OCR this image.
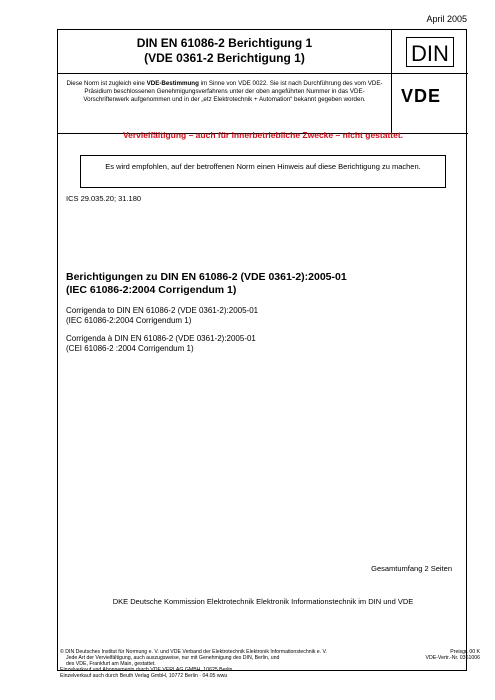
April 2005
DIN EN 61086-2 Berichtigung 1
(VDE 0361-2 Berichtigung 1)	DIN
Diese Norm ist zugleich eine VDE-Bestimmung im Sinne von VDE 0022. Sie ist nach Durchführung des vom VDE-Präsidium beschlossenen Genehmigungsverfahrens unter der oben angeführten Nummer in das VDE-Vorschriftenwerk aufgenommen und in der „etz Elektrotechnik + Automation“ bekannt gegeben worden.	VDE
Vervielfältigung – auch für innerbetriebliche Zwecke – nicht gestattet.
Es wird empfohlen, auf der betroffenen Norm einen Hinweis auf diese Berichtigung zu machen.
ICS 29.035.20; 31.180
Berichtigungen zu DIN EN 61086-2 (VDE 0361-2):2005-01
(IEC 61086-2:2004 Corrigendum 1)
Corrigenda to DIN EN 61086-2 (VDE 0361-2):2005-01
(IEC 61086-2:2004 Corrigendum 1)
Corrigenda à DIN EN 61086-2 (VDE 0361-2):2005-01
(CEI 61086-2 :2004 Corrigendum 1)
Gesamtumfang 2 Seiten
DKE Deutsche Kommission Elektrotechnik Elektronik Informationstechnik im DIN und VDE
© DIN Deutsches Institut für Normung e. V. und VDE Verband der Elektrotechnik Elektronik Informationstechnik e. V.
Jede Art der Vervielfältigung, auch auszugsweise, nur mit Genehmigung des DIN, Berlin, und
des VDE, Frankfurt am Main, gestattet.
Einzelverkauf und Abonnements durch VDE VERLAG GMBH, 10625 Berlin
Einzelverkauf auch durch Beuth Verlag GmbH, 10772 Berlin · 04.05 wwu
Preisgr. 00 K
VDE-Vertr.-Nr. 0361006
